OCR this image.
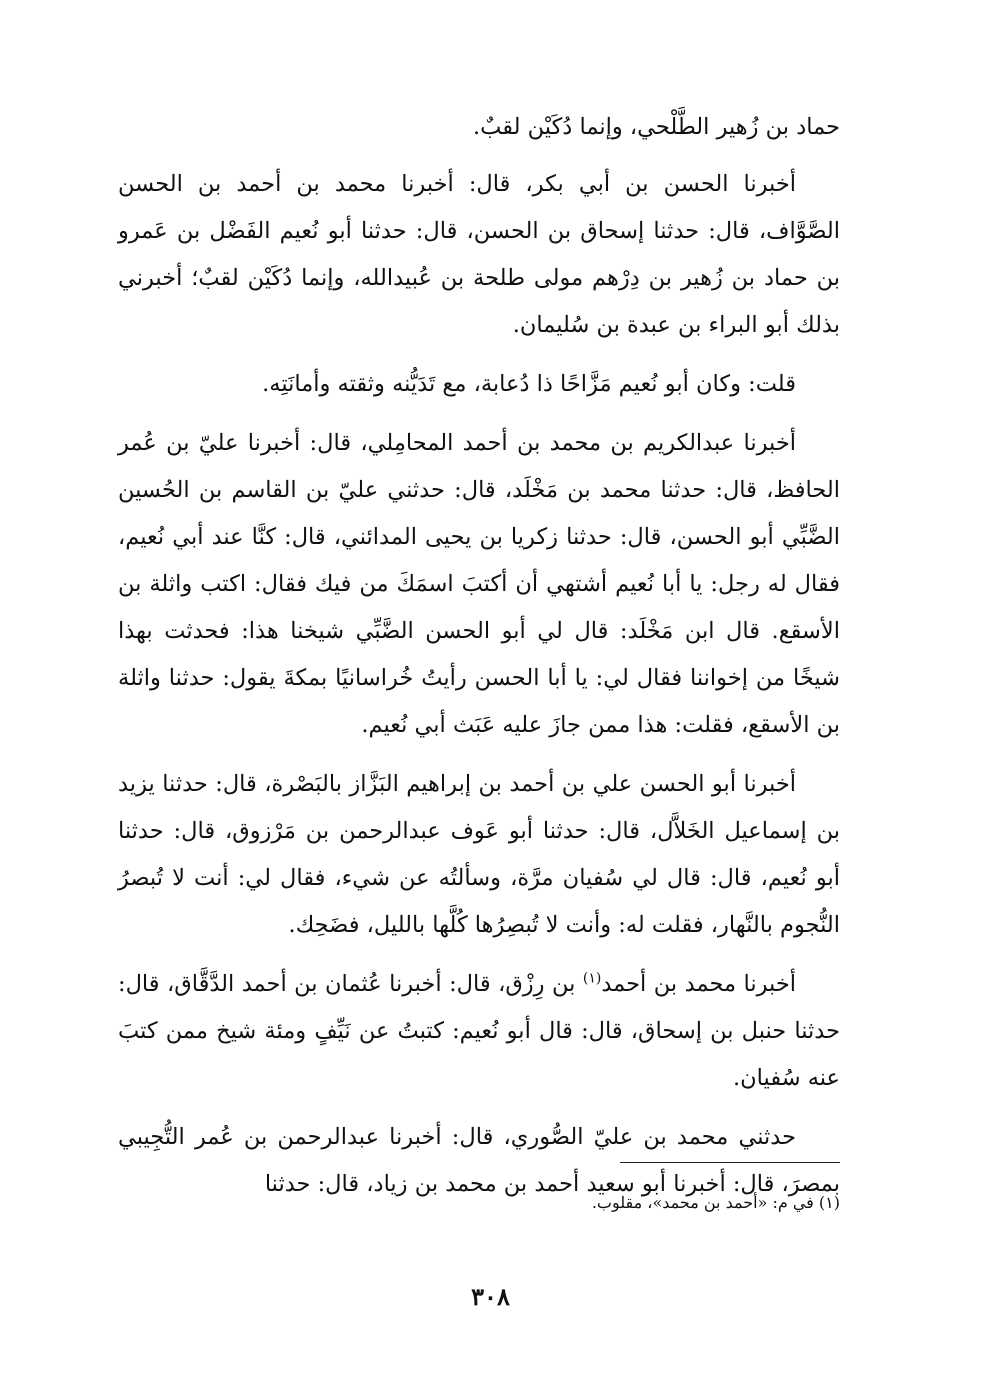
حماد بن زُهير الطَّلْحي، وإنما دُكَيْن لقبٌ.

أخبرنا الحسن بن أبي بكر، قال: أخبرنا محمد بن أحمد بن الحسن الصَّوَّاف، قال: حدثنا إسحاق بن الحسن، قال: حدثنا أبو نُعيم الفَضْل بن عَمرو بن حماد بن زُهير بن دِرْهم مولى طلحة بن عُبيدالله، وإنما دُكَيْن لقبٌ؛ أخبرني بذلك أبو البراء بن عبدة بن سُليمان.

قلت: وكان أبو نُعيم مَزَّاحًا ذا دُعابة، مع تَدَيُّنه وثقته وأمانَتِه.

أخبرنا عبدالكريم بن محمد بن أحمد المحامِلي، قال: أخبرنا عليّ بن عُمر الحافظ، قال: حدثنا محمد بن مَخْلَد، قال: حدثني عليّ بن القاسم بن الحُسين الضَّبِّي أبو الحسن، قال: حدثنا زكريا بن يحيى المدائني، قال: كنَّا عند أبي نُعيم، فقال له رجل: يا أبا نُعيم أشتهي أن أكتبَ اسمَكَ من فيك فقال: اكتب واثلة بن الأسقع. قال ابن مَخْلَد: قال لي أبو الحسن الضَّبِّي شيخنا هذا: فحدثت بهذا شيخًا من إخواننا فقال لي: يا أبا الحسن رأيتُ خُراسانيًا بمكةَ يقول: حدثنا واثلة بن الأسقع، فقلت: هذا ممن جازَ عليه عَبَث أبي نُعيم.

أخبرنا أبو الحسن علي بن أحمد بن إبراهيم البَزَّاز بالبَصْرة، قال: حدثنا يزيد بن إسماعيل الخَلاَّل، قال: حدثنا أبو عَوف عبدالرحمن بن مَرْزوق، قال: حدثنا أبو نُعيم، قال: قال لي سُفيان مرَّة، وسألتُه عن شيء، فقال لي: أنت لا تُبصرُ النُّجوم بالنَّهار، فقلت له: وأنت لا تُبصِرُها كُلَّها بالليل، فضَحِك.

أخبرنا محمد بن أحمد$^{(١)}$ بن رِزْق، قال: أخبرنا عُثمان بن أحمد الدَّقَّاق، قال: حدثنا حنبل بن إسحاق، قال: قال أبو نُعيم: كتبتُ عن نَيِّفٍ ومئة شيخ ممن كتبَ عنه سُفيان.

حدثني محمد بن عليّ الصُّوري، قال: أخبرنا عبدالرحمن بن عُمر التُّجِيبي بمصرَ، قال: أخبرنا أبو سعيد أحمد بن محمد بن زياد، قال: حدثنا

(١) في م: «أحمد بن محمد»، مقلوب.
٣٠٨
